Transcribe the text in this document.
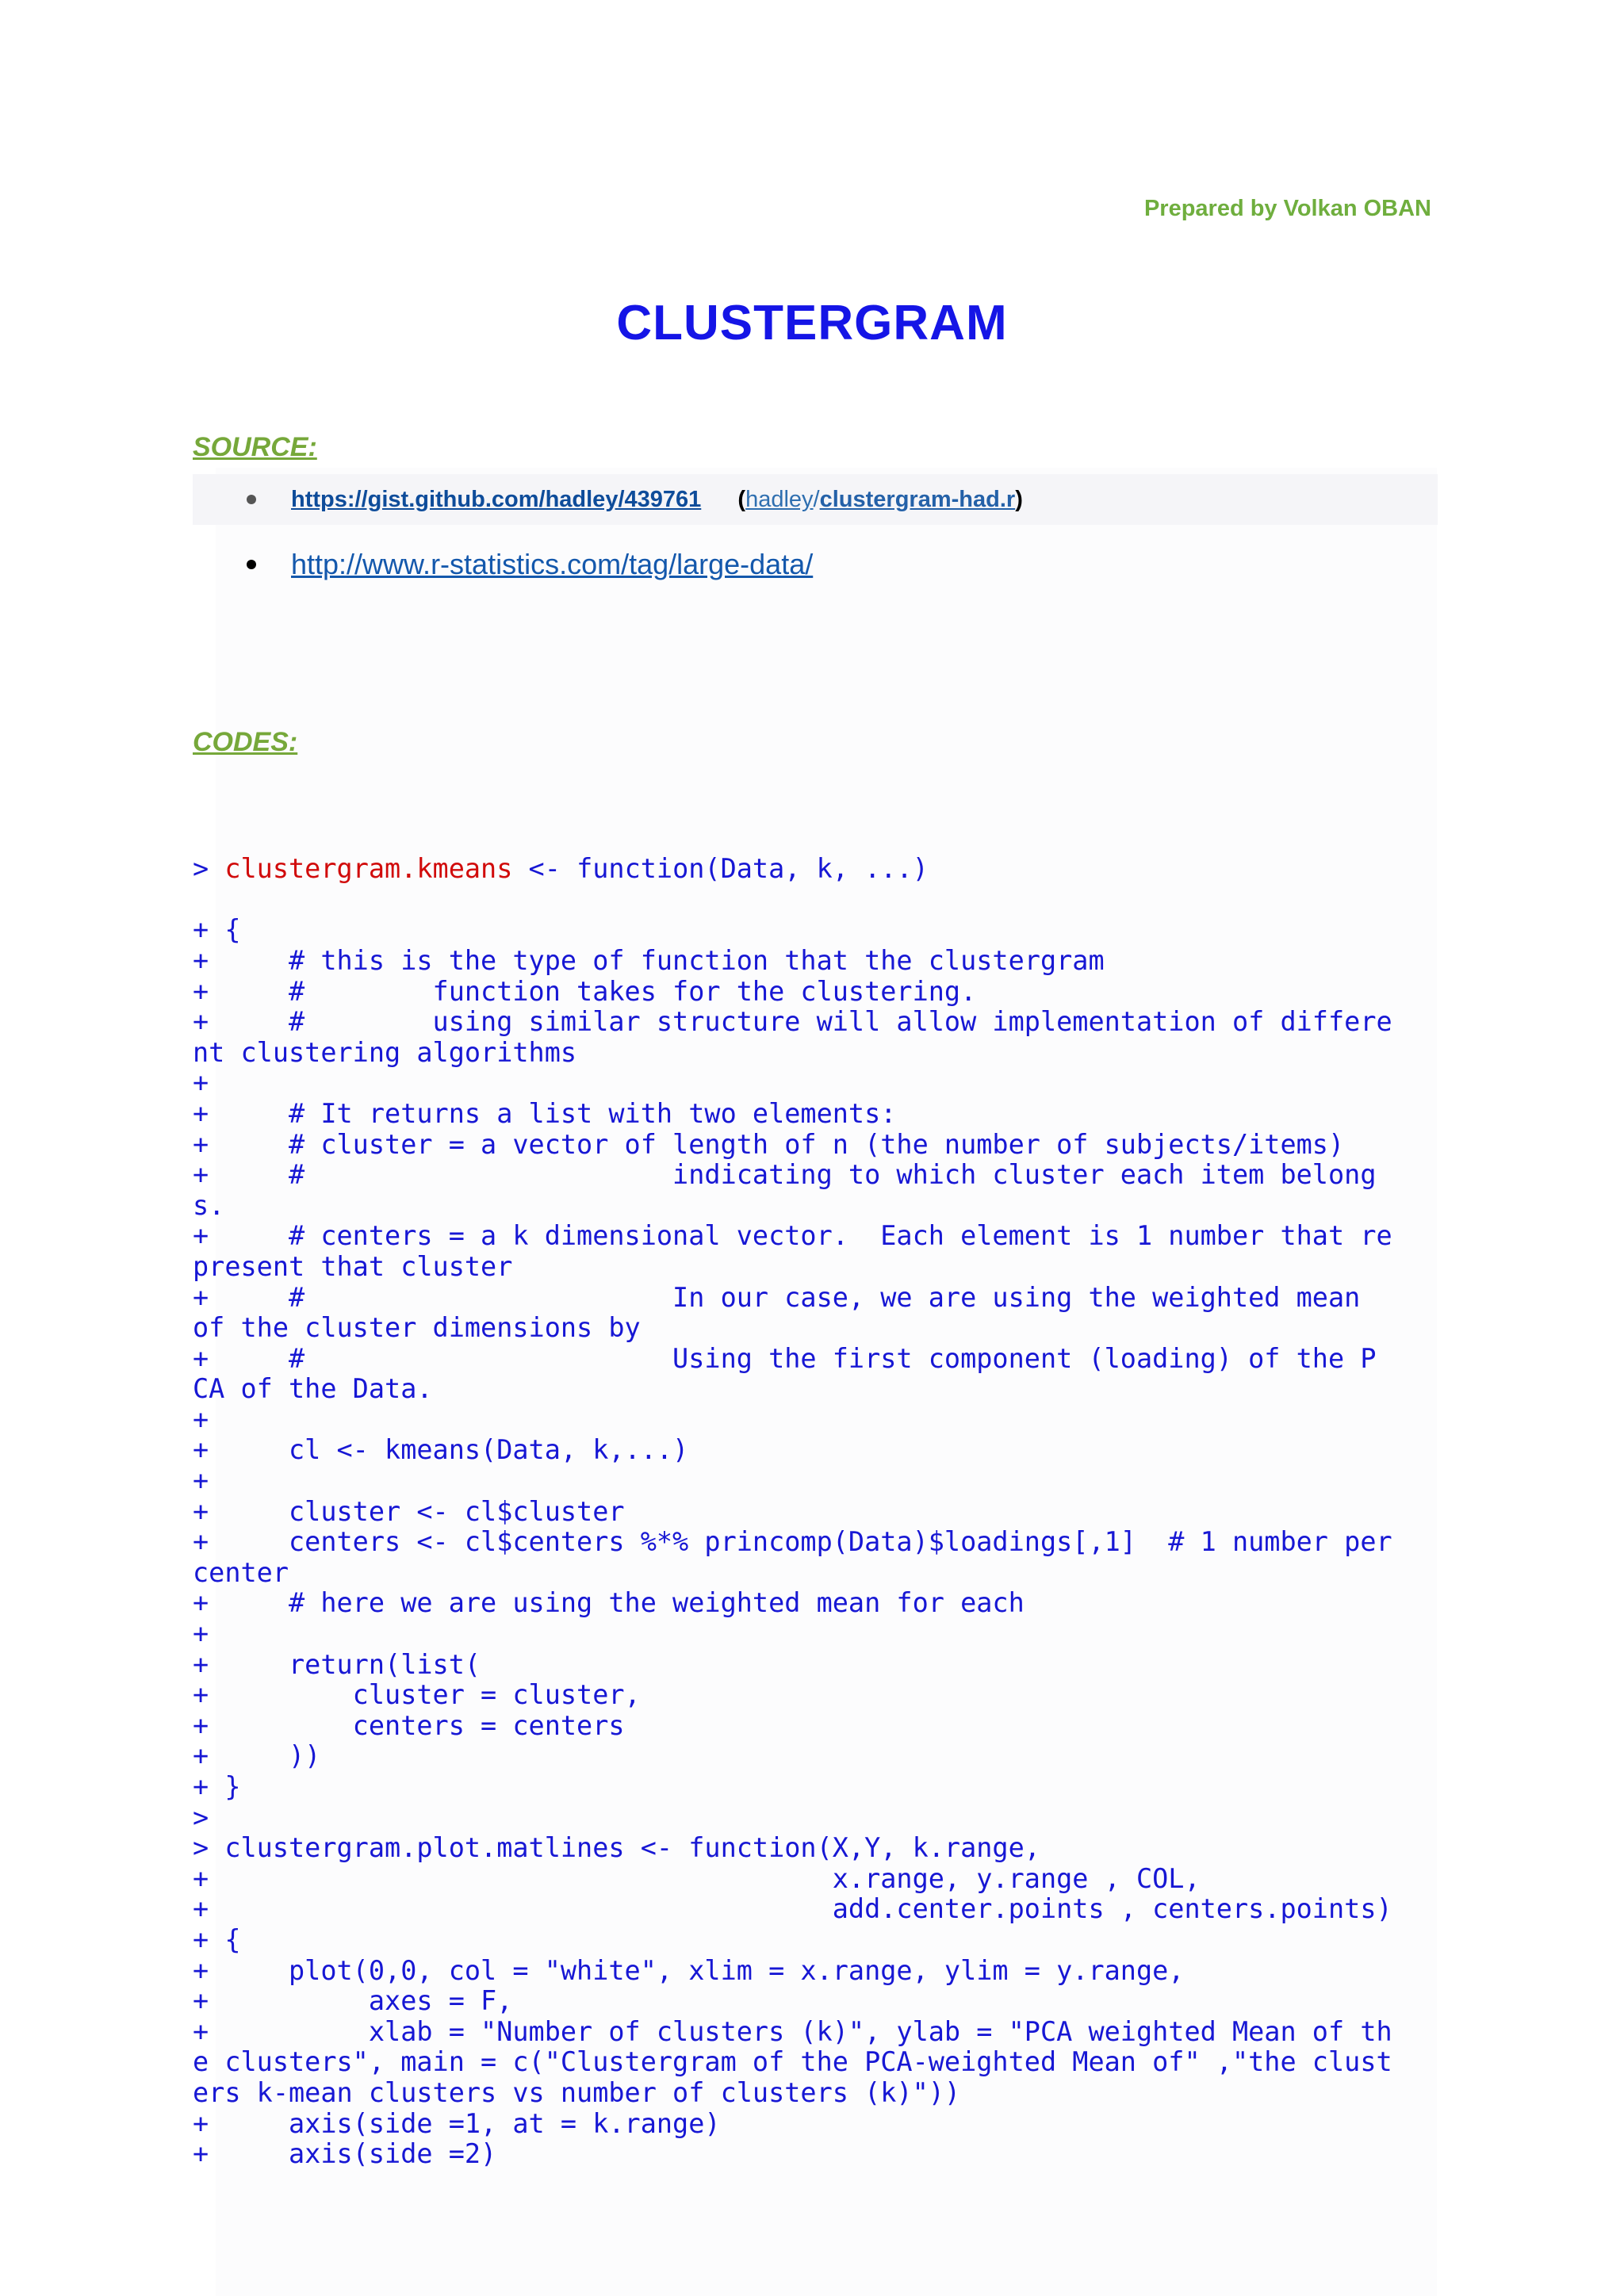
Prepared by Volkan OBAN

CLUSTERGRAM
SOURCE:
https://gist.github.com/hadley/439761 (hadley/clustergram-had.r)
http://www.r-statistics.com/tag/large-data/
CODES:

> clustergram.kmeans <- function(Data, k, ...)

+ {
+     # this is the type of function that the clustergram
+     #        function takes for the clustering.
+     #        using similar structure will allow implementation of differe
nt clustering algorithms
+
+     # It returns a list with two elements:
+     # cluster = a vector of length of n (the number of subjects/items)
+     #                       indicating to which cluster each item belong
s.
+     # centers = a k dimensional vector.  Each element is 1 number that re
present that cluster
+     #                       In our case, we are using the weighted mean
of the cluster dimensions by
+     #                       Using the first component (loading) of the P
CA of the Data.
+
+     cl <- kmeans(Data, k,...)
+
+     cluster <- cl$cluster
+     centers <- cl$centers %*% princomp(Data)$loadings[,1]  # 1 number per
center
+     # here we are using the weighted mean for each
+
+     return(list(
+         cluster = cluster,
+         centers = centers
+     ))
+ }
>
> clustergram.plot.matlines <- function(X,Y, k.range,
+                                       x.range, y.range , COL,
+                                       add.center.points , centers.points)
+ {
+     plot(0,0, col = "white", xlim = x.range, ylim = y.range,
+          axes = F,
+          xlab = "Number of clusters (k)", ylab = "PCA weighted Mean of th
e clusters", main = c("Clustergram of the PCA-weighted Mean of" ,"the clust
ers k-mean clusters vs number of clusters (k)"))
+     axis(side =1, at = k.range)
+     axis(side =2)
